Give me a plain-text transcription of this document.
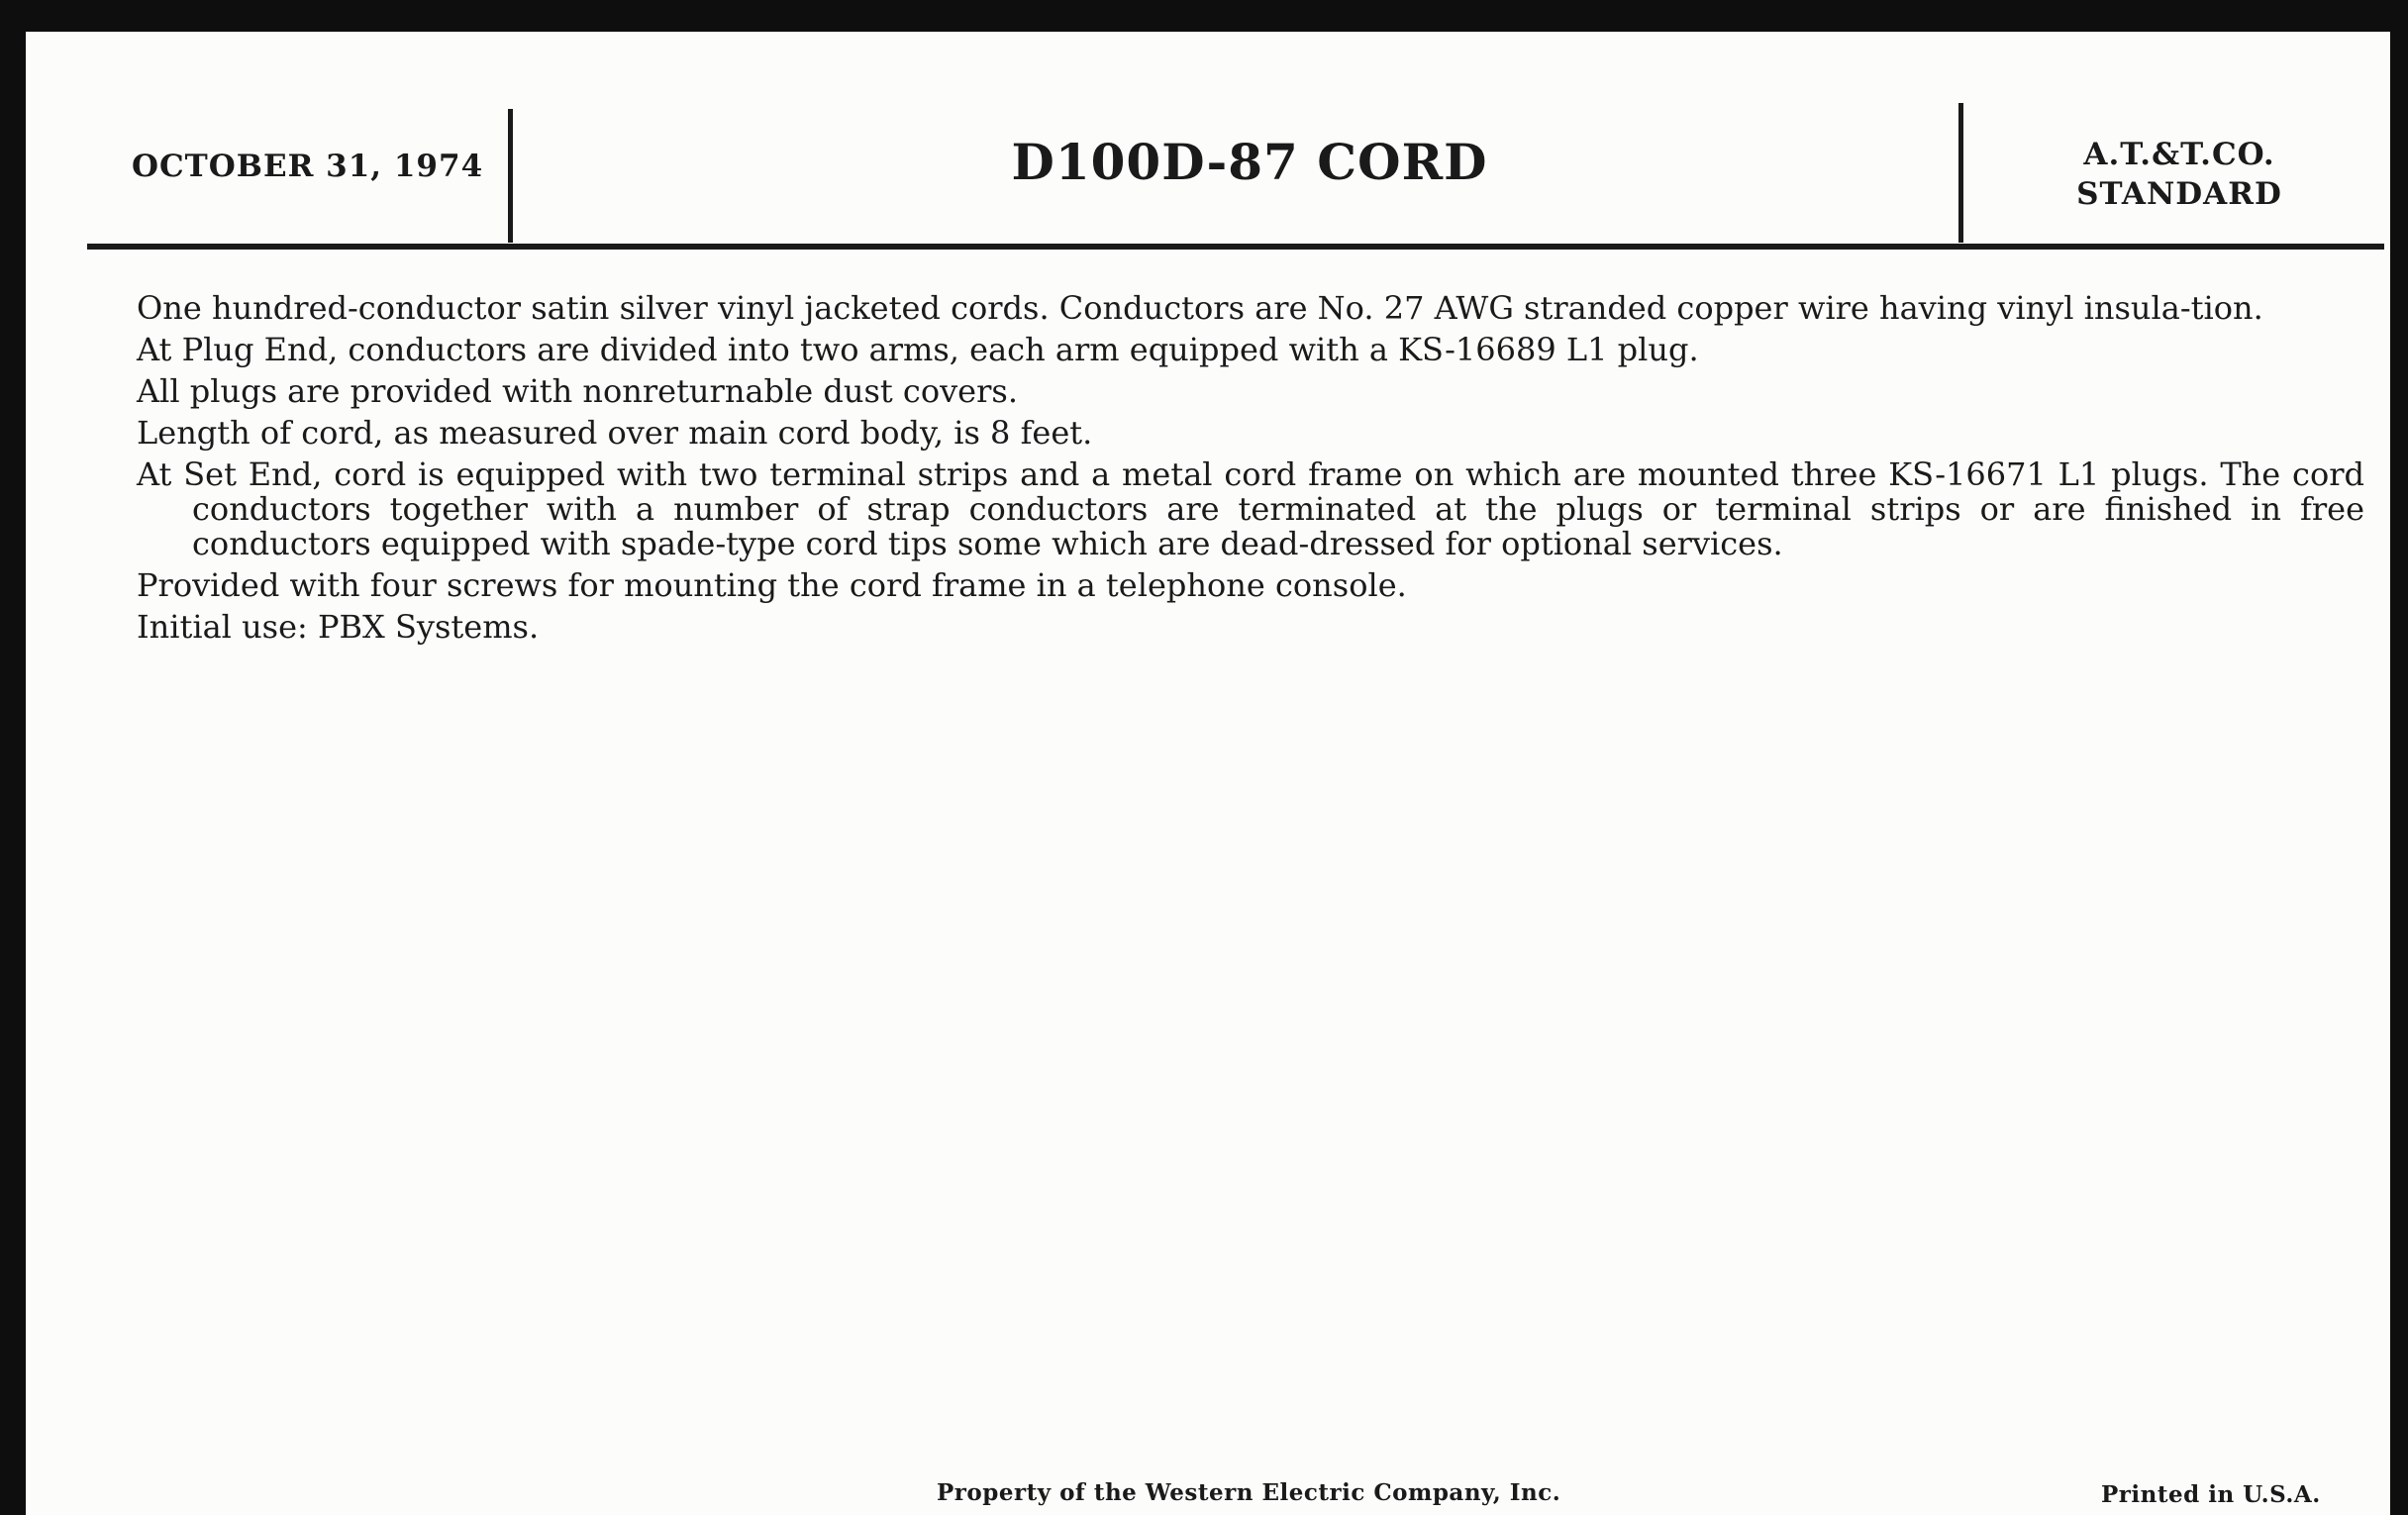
OCTOBER 31, 1974	D100D-87 CORD	A.T.&T.CO.
STANDARD

One hundred-conductor satin silver vinyl jacketed cords. Conductors are No. 27 AWG stranded copper wire having vinyl insula-tion.

At Plug End, conductors are divided into two arms, each arm equipped with a KS-16689 L1 plug.

All plugs are provided with nonreturnable dust covers.

Length of cord, as measured over main cord body, is 8 feet.

At Set End, cord is equipped with two terminal strips and a metal cord frame on which are mounted three KS-16671 L1 plugs. The cord conductors together with a number of strap conductors are terminated at the plugs or terminal strips or are finished in free conductors equipped with spade-type cord tips some which are dead-dressed for optional services.

Provided with four screws for mounting the cord frame in a telephone console.

Initial use: PBX Systems.

Property of the Western Electric Company, Inc.	Printed in U.S.A.
